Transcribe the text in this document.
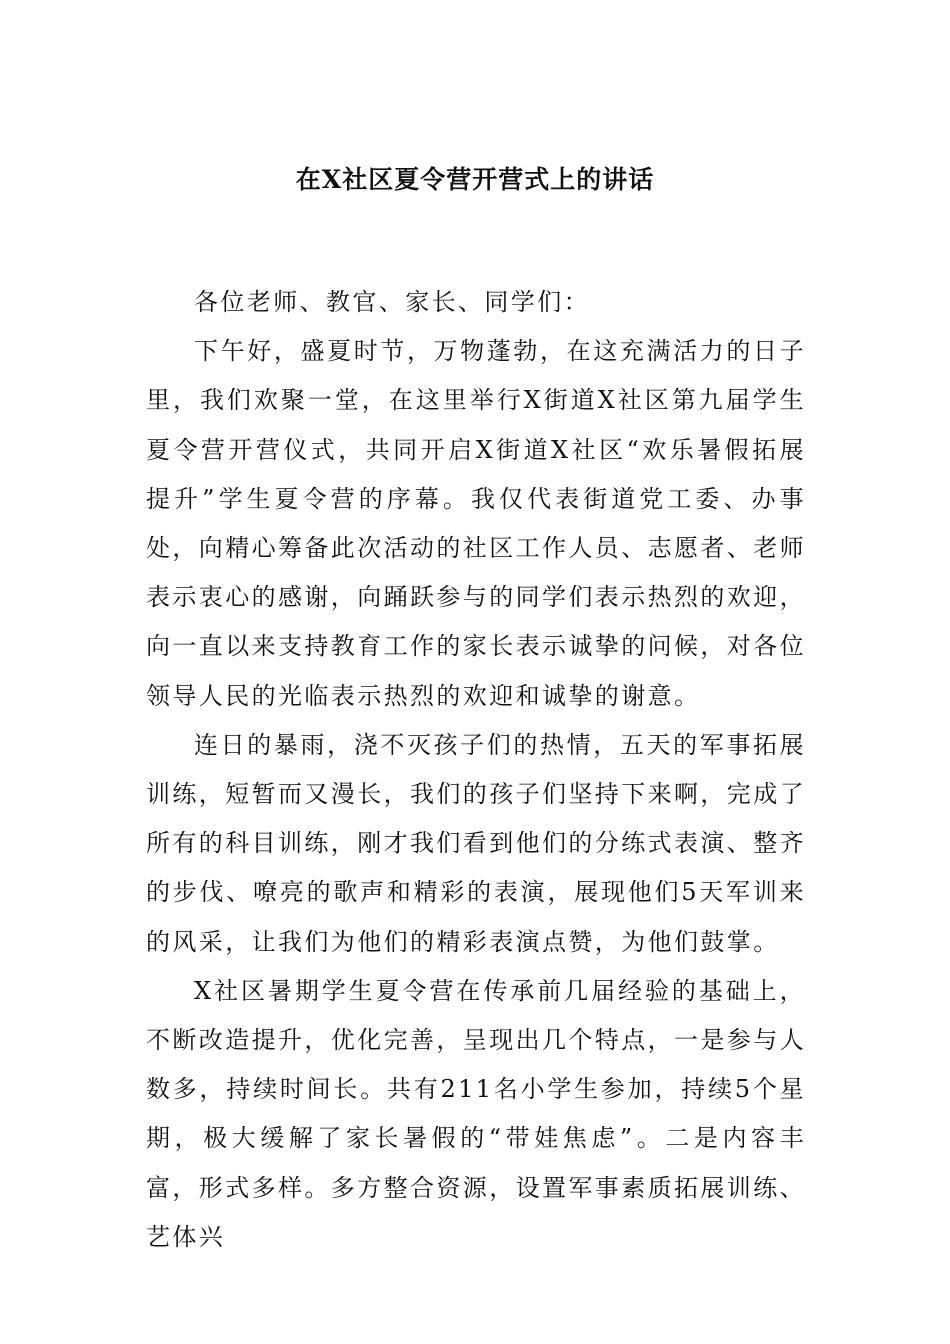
在X社区夏令营开营式上的讲话

各位老师、教官、家长、同学们：

下午好，盛夏时节，万物蓬勃，在这充满活力的日子里，我们欢聚一堂，在这里举行X街道X社区第九届学生夏令营开营仪式，共同开启X街道X社区“欢乐暑假拓展提升”学生夏令营的序幕。我仅代表街道党工委、办事处，向精心筹备此次活动的社区工作人员、志愿者、老师表示衷心的感谢，向踊跃参与的同学们表示热烈的欢迎，向一直以来支持教育工作的家长表示诚挚的问候，对各位领导人民的光临表示热烈的欢迎和诚挚的谢意。

连日的暴雨，浇不灭孩子们的热情，五天的军事拓展训练，短暂而又漫长，我们的孩子们坚持下来啊，完成了所有的科目训练，刚才我们看到他们的分练式表演、整齐的步伐、嘹亮的歌声和精彩的表演，展现他们5天军训来的风采，让我们为他们的精彩表演点赞，为他们鼓掌。

X社区暑期学生夏令营在传承前几届经验的基础上，不断改造提升，优化完善，呈现出几个特点，一是参与人数多，持续时间长。共有211名小学生参加，持续5个星期，极大缓解了家长暑假的“带娃焦虑”。二是内容丰富，形式多样。多方整合资源，设置军事素质拓展训练、艺体兴
